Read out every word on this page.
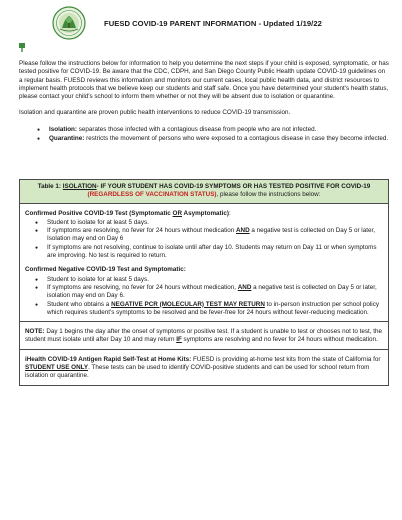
FUESD COVID-19 PARENT INFORMATION - Updated 1/19/22

Please follow the instructions below for information to help you determine the next steps if your child is exposed, symptomatic, or has tested positive for COVID-19. Be aware that the CDC, CDPH, and San Diego County Public Health update COVID-19 guidelines on a regular basis. FUESD reviews this information and monitors our current cases, local public health data, and district resources to implement health protocols that we believe keep our students and staff safe. Once you have determined your student's health status, please contact your child's school to inform them whether or not they will be absent due to isolation or quarantine.

Isolation and quarantine are proven public health interventions to reduce COVID-19 transmission.

● Isolation: separates those infected with a contagious disease from people who are not infected.
● Quarantine: restricts the movement of persons who were exposed to a contagious disease in case they become infected.
Table 1: ISOLATION- IF YOUR STUDENT HAS COVID-19 SYMPTOMS OR HAS TESTED POSITIVE FOR COVID-19 (REGARDLESS OF VACCINATION STATUS), please follow the instructions below:
Confirmed Positive COVID-19 Test (Symptomatic OR Asymptomatic):
● Student to isolate for at least 5 days.
● If symptoms are resolving, no fever for 24 hours without medication AND a negative test is collected on Day 5 or later, Isolation may end on Day 6
● If symptoms are not resolving, continue to isolate until after day 10. Students may return on Day 11 or when symptoms are improving. No test is required to return.
Confirmed Negative COVID-19 Test and Symptomatic:
● Student to isolate for at least 5 days.
● If symptoms are resolving, no fever for 24 hours without medication, AND a negative test is collected on Day 5 or later, isolation may end on Day 6.
● Student who obtains a NEGATIVE PCR (MOLECULAR) TEST MAY RETURN to in-person instruction per school policy which requires student's symptoms to be resolved and be fever-free for 24 hours without fever-reducing medication.
NOTE: Day 1 begins the day after the onset of symptoms or positive test. If a student is unable to test or chooses not to test, the student must isolate until after Day 10 and may return IF symptoms are resolving and no fever for 24 hours without medication.
iHealth COVID-19 Antigen Rapid Self-Test at Home Kits: FUESD is providing at-home test kits from the state of California for STUDENT USE ONLY. These tests can be used to identify COVID-positive students and can be used for school return from isolation or quarantine.
